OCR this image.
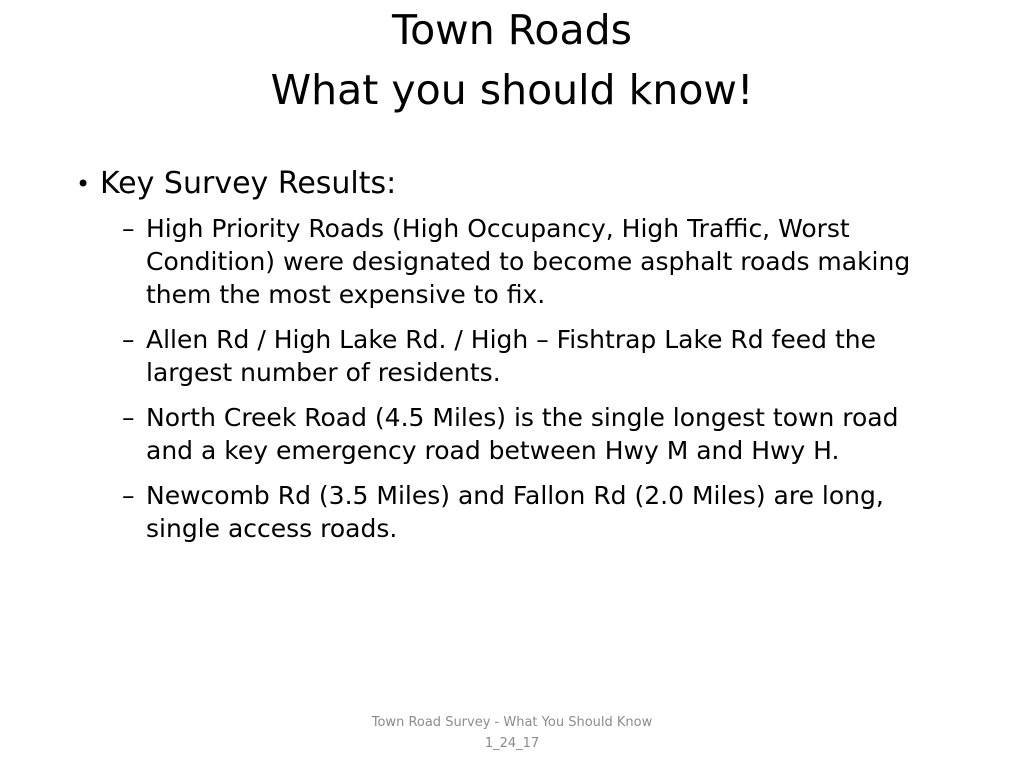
Town Roads
What you should know!
• Key Survey Results:
– High Priority Roads (High Occupancy, High Traffic, Worst Condition) were designated to become asphalt roads making them the most expensive to fix.
– Allen Rd / High Lake Rd. / High – Fishtrap Lake Rd feed the largest number of residents.
– North Creek Road (4.5 Miles) is the single longest town road and a key emergency road between Hwy M and Hwy H.
– Newcomb Rd (3.5 Miles) and Fallon Rd (2.0 Miles) are long, single access roads.
Town Road Survey - What You Should Know
1_24_17
